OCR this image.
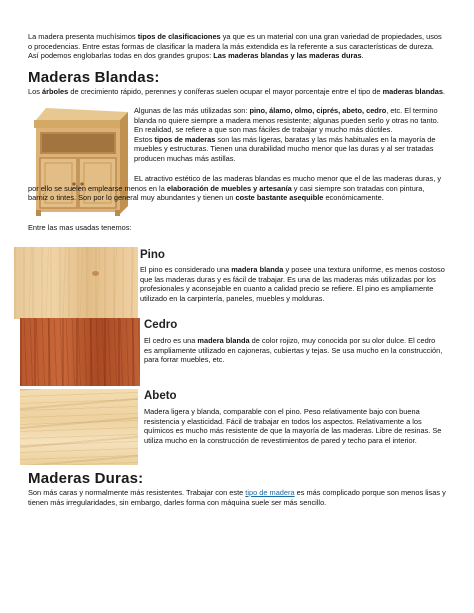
La madera presenta muchísimos tipos de clasificaciones ya que es un material con una gran variedad de propiedades, usos o procedencias. Entre estas formas de clasificar la madera la más extendida es la referente a sus características de dureza. Así podemos englobarlas todas en dos grandes grupos: Las maderas blandas y las maderas duras.

Maderas Blandas:

Los árboles de crecimiento rápido, perennes y coníferas suelen ocupar el mayor porcentaje entre el tipo de maderas blandas.

Algunas de las más utilizadas son: pino, álamo, olmo, ciprés, abeto, cedro, etc. El termino blanda no quiere siempre a madera menos resistente; algunas pueden serlo y otras no tanto. En realidad, se refiere a que son mas fáciles de trabajar y mucho más dúctiles.

Estos tipos de maderas son las más ligeras, baratas y las más habituales en la mayoría de muebles y estructuras. Tienen una durabilidad mucho menor que las duras y al ser tratadas producen muchas más astillas.

EL atractivo estético de las maderas blandas es mucho menor que el de las maderas duras, y por ello se suelen emplearse menos en la elaboración de muebles y artesanía y casi siempre son tratadas con pintura, barniz o tintes. Son por lo general muy abundantes y tienen un coste bastante asequible económicamente.

Entre las mas usadas tenemos:

Pino

El pino es considerado una madera blanda y posee una textura uniforme, es menos costoso que las maderas duras y es fácil de trabajar. Es una de las maderas más utilizadas por los profesionales y aconsejable en cuanto a calidad precio se refiere. El pino es ampliamente utilizado en la carpintería, paneles, muebles y molduras.

Cedro

El cedro es una madera blanda de color rojizo, muy conocida por su olor dulce. El cedro es ampliamente utilizado en cajoneras, cubiertas y tejas. Se usa mucho en la construcción, para forrar muebles, etc.

Abeto

Madera ligera y blanda, comparable con el pino. Peso relativamente bajo con buena resistencia y elasticidad. Fácil de trabajar en todos los aspectos. Relativamente a los químicos es mucho más resistente de que la mayoría de las maderas. Libre de resinas. Se utiliza mucho en la construcción de revestimientos de pared y techo para el interior.

Maderas Duras:

Son más caras y normalmente más resistentes. Trabajar con este tipo de madera es más complicado porque son menos lisas y tienen más irregularidades, sin embargo, darles forma con máquina suele ser más sencillo.
